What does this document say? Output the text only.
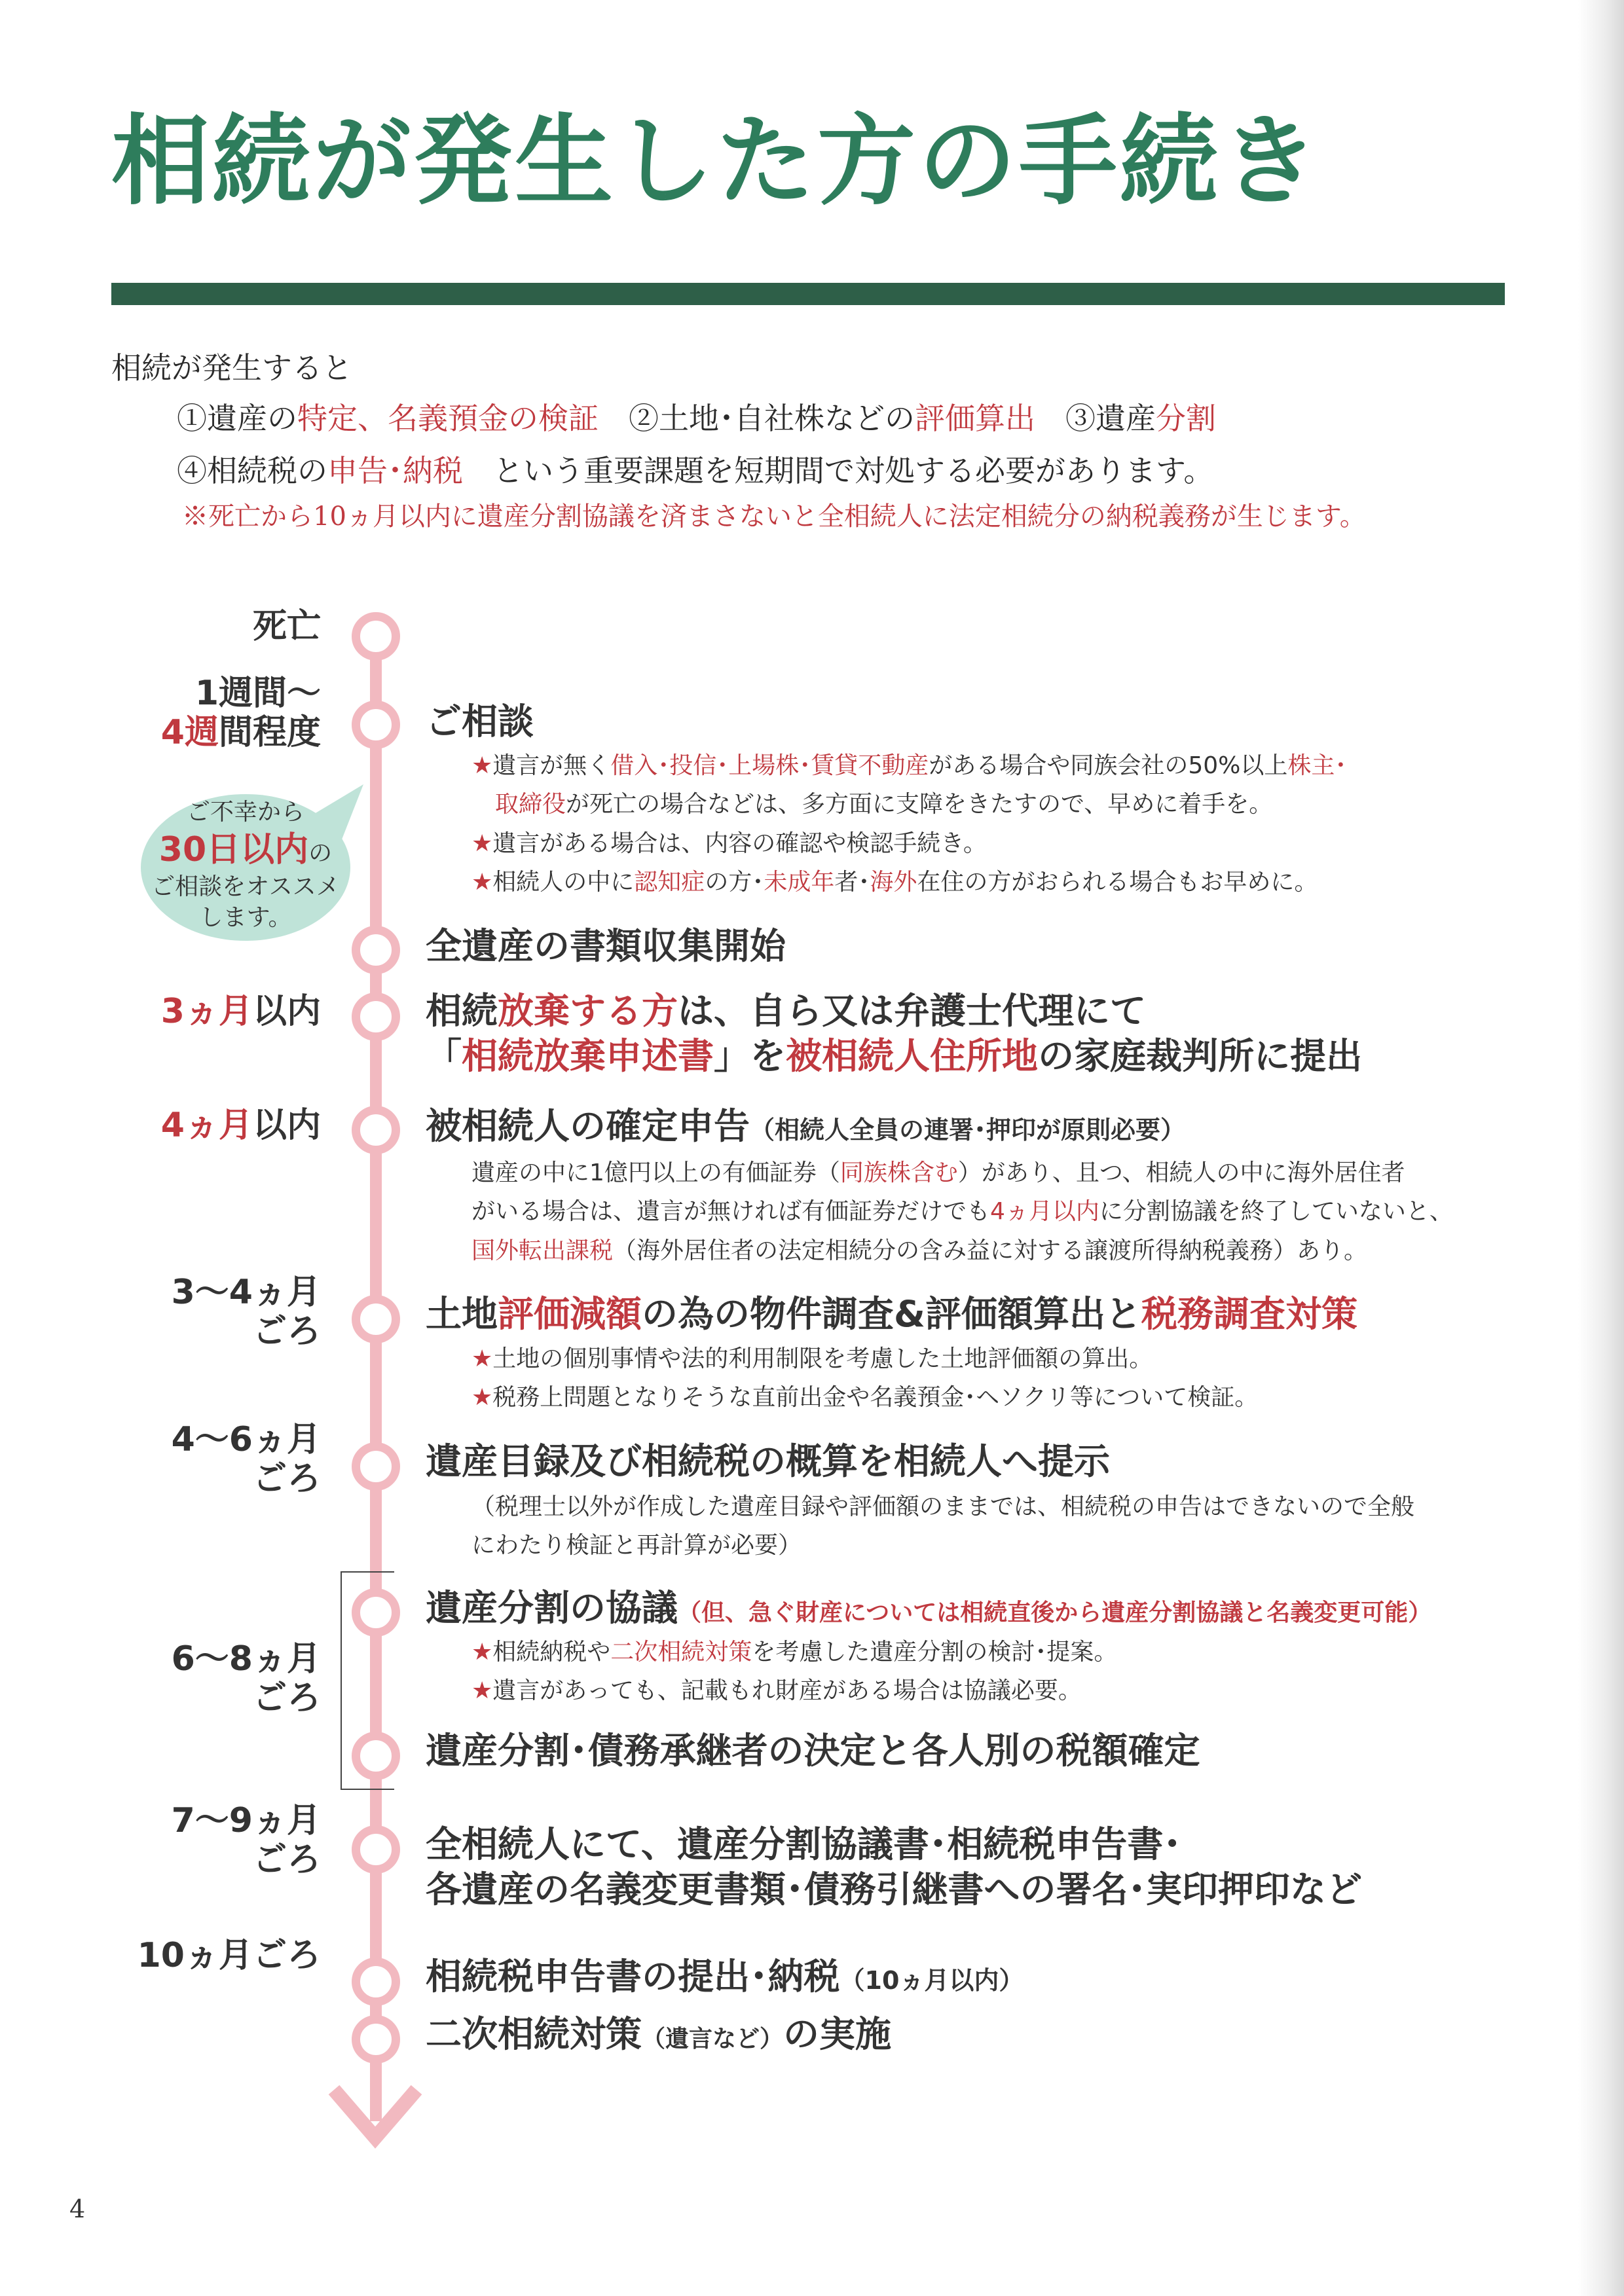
相続が発生した方の手続き
相続が発生すると
①遺産の特定、名義預金の検証　②土地･自社株などの評価算出　③遺産分割
④相続税の申告･納税　という重要課題を短期間で対処する必要があります。
※死亡から10ヵ月以内に遺産分割協議を済まさないと全相続人に法定相続分の納税義務が生じます。
死亡
1週間〜
4週間程度
3ヵ月以内
4ヵ月以内
3〜4ヵ月
ごろ
4〜6ヵ月
ごろ
6〜8ヵ月
ごろ
7〜9ヵ月
ごろ
10ヵ月ごろ
ご不幸から
30日以内の
ご相談をオススメ
します。
ご相談
★遺言が無く借入･投信･上場株･賃貸不動産がある場合や同族会社の50%以上株主･
取締役が死亡の場合などは、多方面に支障をきたすので、早めに着手を。
★遺言がある場合は、内容の確認や検認手続き。
★相続人の中に認知症の方･未成年者･海外在住の方がおられる場合もお早めに。
全遺産の書類収集開始
相続放棄する方は、自ら又は弁護士代理にて
「相続放棄申述書」を被相続人住所地の家庭裁判所に提出
被相続人の確定申告（相続人全員の連署･押印が原則必要）
遺産の中に1億円以上の有価証券（同族株含む）があり、且つ、相続人の中に海外居住者
がいる場合は、遺言が無ければ有価証券だけでも4ヵ月以内に分割協議を終了していないと、
国外転出課税（海外居住者の法定相続分の含み益に対する譲渡所得納税義務）あり。
土地評価減額の為の物件調査&評価額算出と税務調査対策
★土地の個別事情や法的利用制限を考慮した土地評価額の算出。
★税務上問題となりそうな直前出金や名義預金･ヘソクリ等について検証。
遺産目録及び相続税の概算を相続人へ提示
（税理士以外が作成した遺産目録や評価額のままでは、相続税の申告はできないので全般
にわたり検証と再計算が必要）
遺産分割の協議（但、急ぐ財産については相続直後から遺産分割協議と名義変更可能）
★相続納税や二次相続対策を考慮した遺産分割の検討･提案。
★遺言があっても、記載もれ財産がある場合は協議必要。
遺産分割･債務承継者の決定と各人別の税額確定
全相続人にて、遺産分割協議書･相続税申告書･
各遺産の名義変更書類･債務引継書への署名･実印押印など
相続税申告書の提出･納税（10ヵ月以内）
二次相続対策（遺言など）の実施
4
